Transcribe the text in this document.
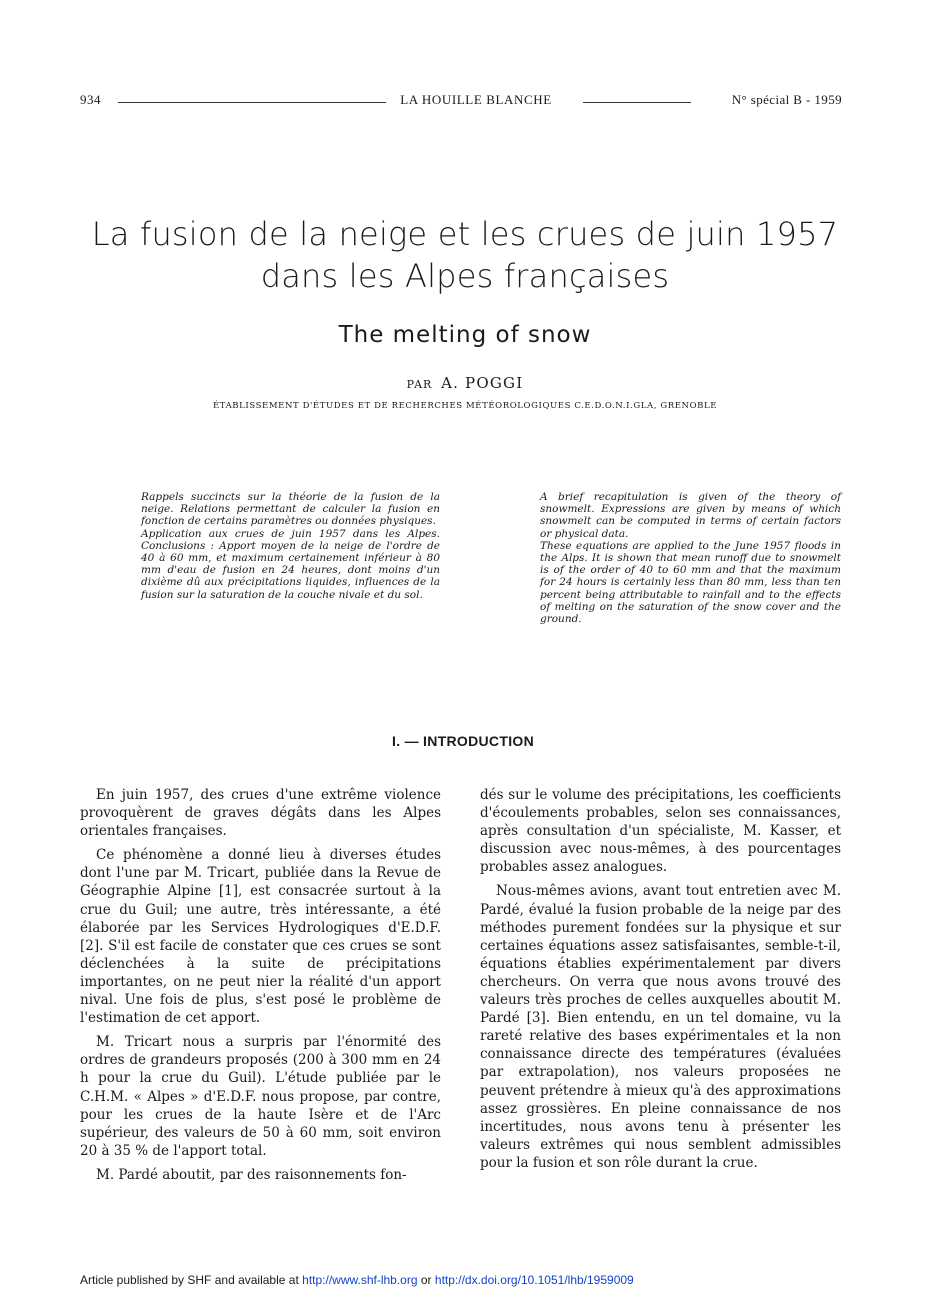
934	LA HOUILLE BLANCHE	N° spécial B - 1959
La fusion de la neige et les crues de juin 1957
dans les Alpes françaises
The melting of snow
PAR A. POGGI
ÉTABLISSEMENT D'ÉTUDES ET DE RECHERCHES MÉTÉOROLOGIQUES C.E.D.O.N.I.GLA, GRENOBLE

Rappels succincts sur la théorie de la fusion de la neige. Relations permettant de calculer la fusion en fonction de certains paramètres ou données physiques.

Application aux crues de juin 1957 dans les Alpes. Conclusions : Apport moyen de la neige de l'ordre de 40 à 60 mm, et maximum certainement inférieur à 80 mm d'eau de fusion en 24 heures, dont moins d'un dixième dû aux précipitations liquides, influences de la fusion sur la saturation de la couche nivale et du sol.

A brief recapitulation is given of the theory of snowmelt. Expressions are given by means of which snowmelt can be computed in terms of certain factors or physical data.

These equations are applied to the June 1957 floods in the Alps. It is shown that mean runoff due to snowmelt is of the order of 40 to 60 mm and that the maximum for 24 hours is certainly less than 80 mm, less than ten percent being attributable to rainfall and to the effects of melting on the saturation of the snow cover and the ground.

I. — INTRODUCTION

En juin 1957, des crues d'une extrême violence provoquèrent de graves dégâts dans les Alpes orientales françaises.

Ce phénomène a donné lieu à diverses études dont l'une par M. Tricart, publiée dans la Revue de Géographie Alpine [1], est consacrée surtout à la crue du Guil; une autre, très intéressante, a été élaborée par les Services Hydrologiques d'E.D.F. [2]. S'il est facile de constater que ces crues se sont déclenchées à la suite de précipitations importantes, on ne peut nier la réalité d'un apport nival. Une fois de plus, s'est posé le problème de l'estimation de cet apport.

M. Tricart nous a surpris par l'énormité des ordres de grandeurs proposés (200 à 300 mm en 24 h pour la crue du Guil). L'étude publiée par le C.H.M. « Alpes » d'E.D.F. nous propose, par contre, pour les crues de la haute Isère et de l'Arc supérieur, des valeurs de 50 à 60 mm, soit environ 20 à 35 % de l'apport total.

M. Pardé aboutit, par des raisonnements fon-

dés sur le volume des précipitations, les coefficients d'écoulements probables, selon ses connaissances, après consultation d'un spécialiste, M. Kasser, et discussion avec nous-mêmes, à des pourcentages probables assez analogues.

Nous-mêmes avions, avant tout entretien avec M. Pardé, évalué la fusion probable de la neige par des méthodes purement fondées sur la physique et sur certaines équations assez satisfaisantes, semble-t-il, équations établies expérimentalement par divers chercheurs. On verra que nous avons trouvé des valeurs très proches de celles auxquelles aboutit M. Pardé [3]. Bien entendu, en un tel domaine, vu la rareté relative des bases expérimentales et la non connaissance directe des températures (évaluées par extrapolation), nos valeurs proposées ne peuvent prétendre à mieux qu'à des approximations assez grossières. En pleine connaissance de nos incertitudes, nous avons tenu à présenter les valeurs extrêmes qui nous semblent admissibles pour la fusion et son rôle durant la crue.

Article published by SHF and available at http://www.shf-lhb.org or http://dx.doi.org/10.1051/lhb/1959009
